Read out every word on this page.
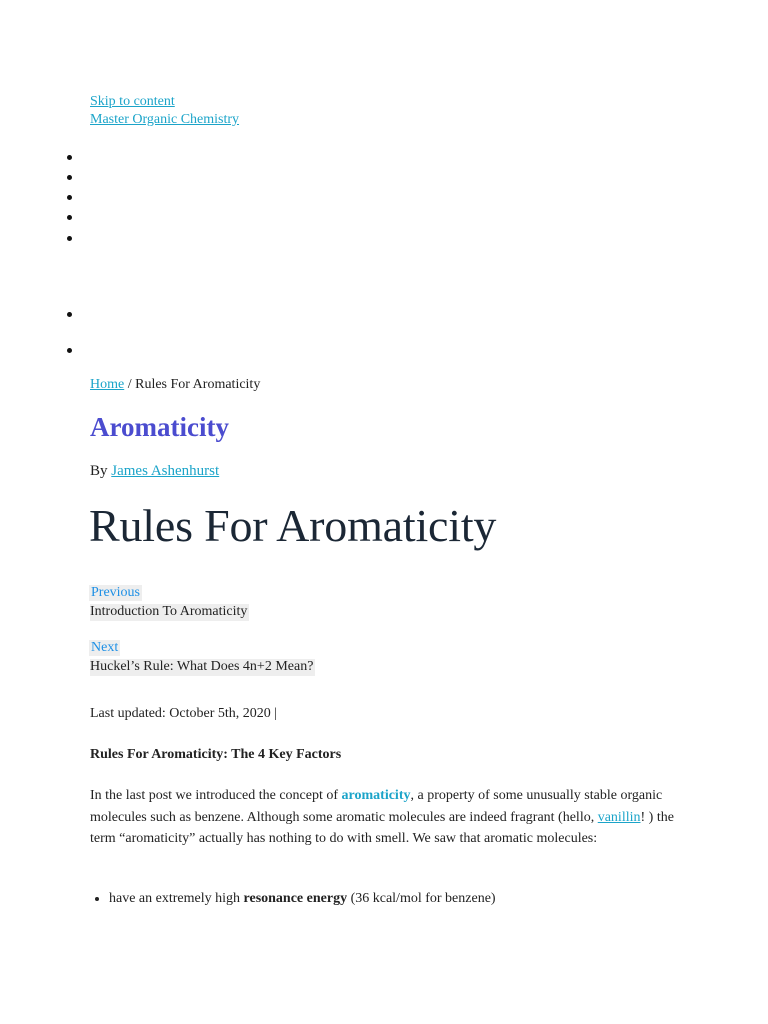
Skip to content
Master Organic Chemistry
Home / Rules For Aromaticity
Aromaticity
By James Ashenhurst
Rules For Aromaticity
Previous
Introduction To Aromaticity
Next
Huckel’s Rule: What Does 4n+2 Mean?
Last updated: October 5th, 2020 |
Rules For Aromaticity: The 4 Key Factors

In the last post we introduced the concept of aromaticity, a property of some unusually stable organic molecules such as benzene. Although some aromatic molecules are indeed fragrant (hello, vanillin! ) the term “aromaticity” actually has nothing to do with smell. We saw that aromatic molecules:

• have an extremely high resonance energy (36 kcal/mol for benzene)
